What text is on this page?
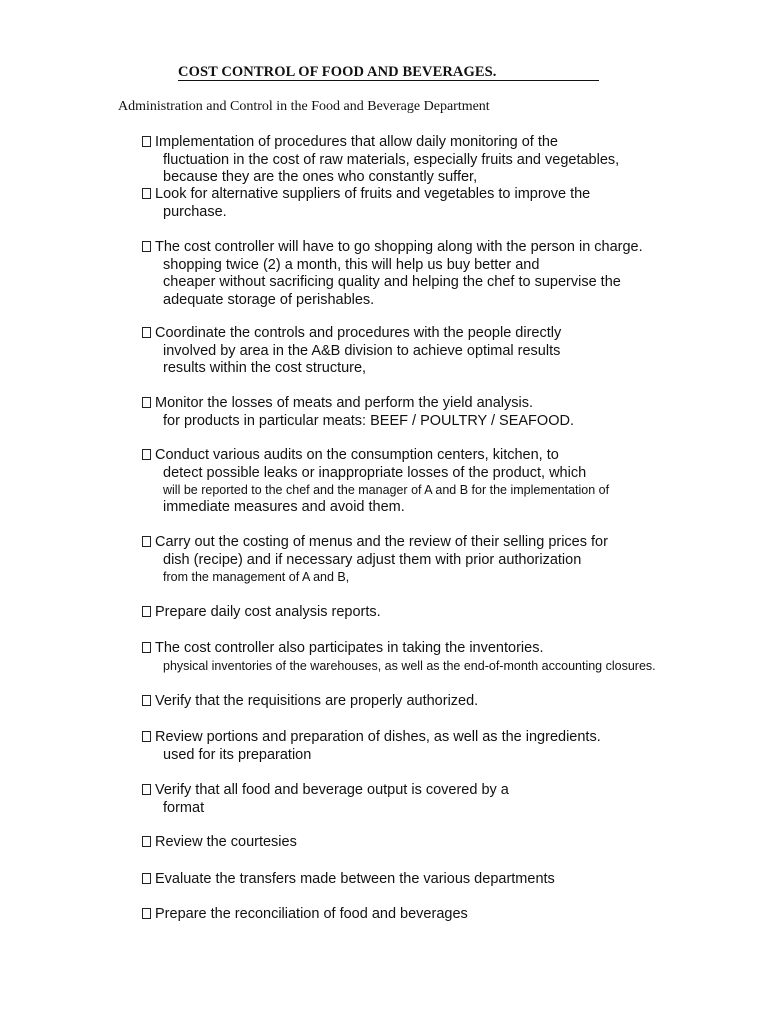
COST CONTROL OF FOOD AND BEVERAGES.
Administration and Control in the Food and Beverage Department
Implementation of procedures that allow daily monitoring of the
fluctuation in the cost of raw materials, especially fruits and vegetables,
because they are the ones who constantly suffer,
Look for alternative suppliers of fruits and vegetables to improve the
purchase.
The cost controller will have to go shopping along with the person in charge.
shopping twice (2) a month, this will help us buy better and
cheaper without sacrificing quality and helping the chef to supervise the
adequate storage of perishables.
Coordinate the controls and procedures with the people directly
involved by area in the A&B division to achieve optimal results
results within the cost structure,
Monitor the losses of meats and perform the yield analysis.
for products in particular meats: BEEF / POULTRY / SEAFOOD.
Conduct various audits on the consumption centers, kitchen, to
detect possible leaks or inappropriate losses of the product, which
will be reported to the chef and the manager of A and B for the implementation of
immediate measures and avoid them.
Carry out the costing of menus and the review of their selling prices for
dish (recipe) and if necessary adjust them with prior authorization
from the management of A and B,
Prepare daily cost analysis reports.
The cost controller also participates in taking the inventories.
physical inventories of the warehouses, as well as the end-of-month accounting closures.
Verify that the requisitions are properly authorized.
Review portions and preparation of dishes, as well as the ingredients.
used for its preparation
Verify that all food and beverage output is covered by a
format
Review the courtesies
Evaluate the transfers made between the various departments
Prepare the reconciliation of food and beverages
